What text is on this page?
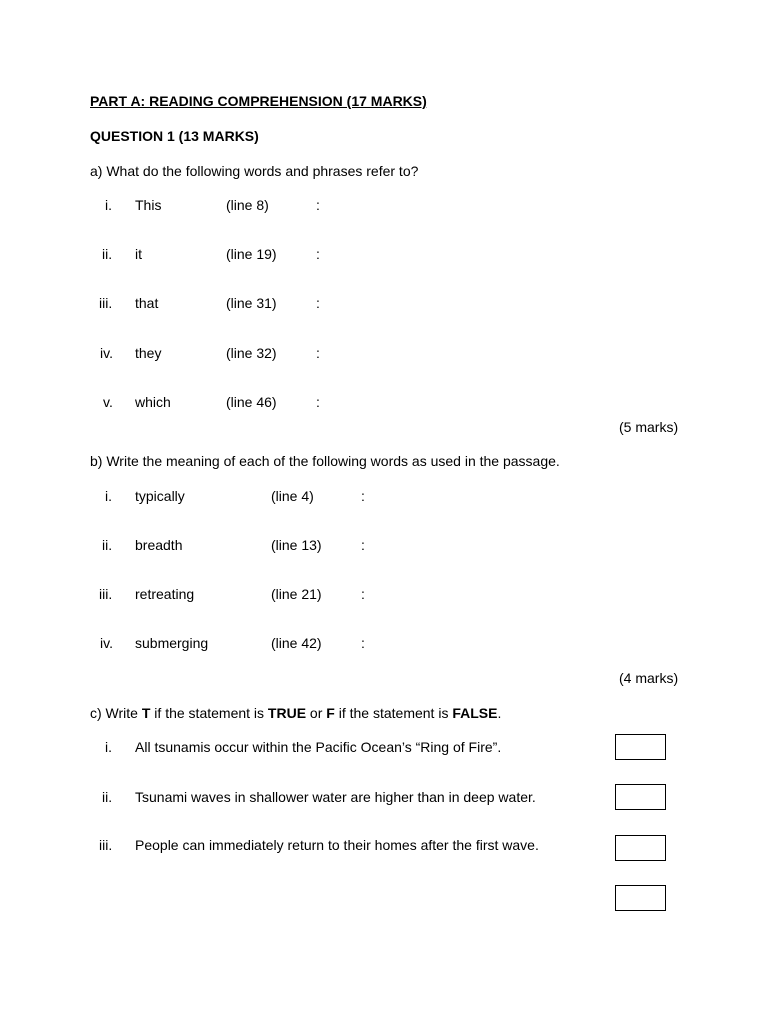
PART A: READING COMPREHENSION (17 MARKS)
QUESTION 1 (13 MARKS)
a) What do the following words and phrases refer to?
i. This	(line 8)	:
ii. it	(line 19)	:
iii. that	(line 31)	:
iv. they	(line 32)	:
v. which	(line 46)	:
(5 marks)
b) Write the meaning of each of the following words as used in the passage.
i. typically	(line 4)	:
ii. breadth	(line 13)	:
iii. retreating	(line 21)	:
iv. submerging	(line 42)	:
(4 marks)
c) Write T if the statement is TRUE or F if the statement is FALSE.
i. All tsunamis occur within the Pacific Ocean’s “Ring of Fire”.
ii. Tsunami waves in shallower water are higher than in deep water.
iii. People can immediately return to their homes after the first wave.
